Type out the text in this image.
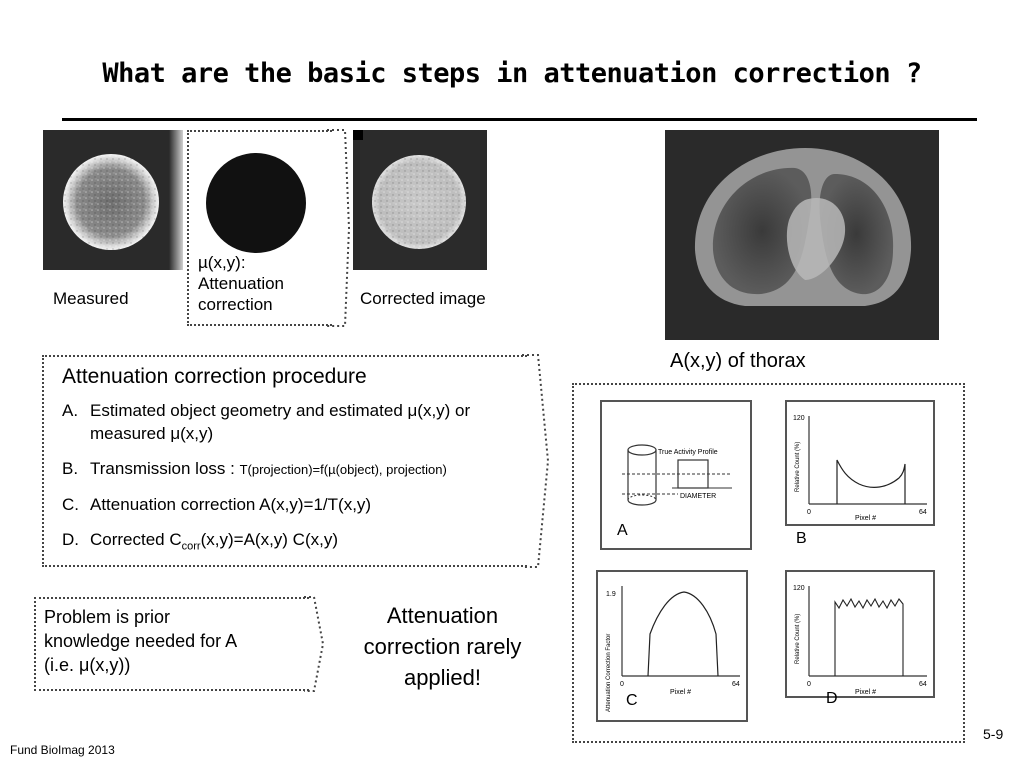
What are the basic steps in attenuation correction ?
Measured
µ(x,y):
Attenuation
correction	Corrected image
A(x,y) of thorax
Attenuation correction procedure
A. Estimated object geometry and estimated μ(x,y) or measured μ(x,y)
B. Transmission loss : T(projection)=f(µ(object), projection)
C. Attenuation correction A(x,y)=1/T(x,y)
D. Corrected $C_{corr}(x,y)=A(x,y)$ C(x,y)
Problem is prior
knowledge needed for A
(i.e. μ(x,y))
Attenuation
correction rarely
applied!
True Activity Profile
DIAMETER
A
120
0	64
Pixel #
Relative Count (%)
B
1.9
0	64
Pixel #
Attenuation Correction Factor C
120
0	64
Pixel #
Relative Count (%)
D
Fund BioImag 2013
5-9
